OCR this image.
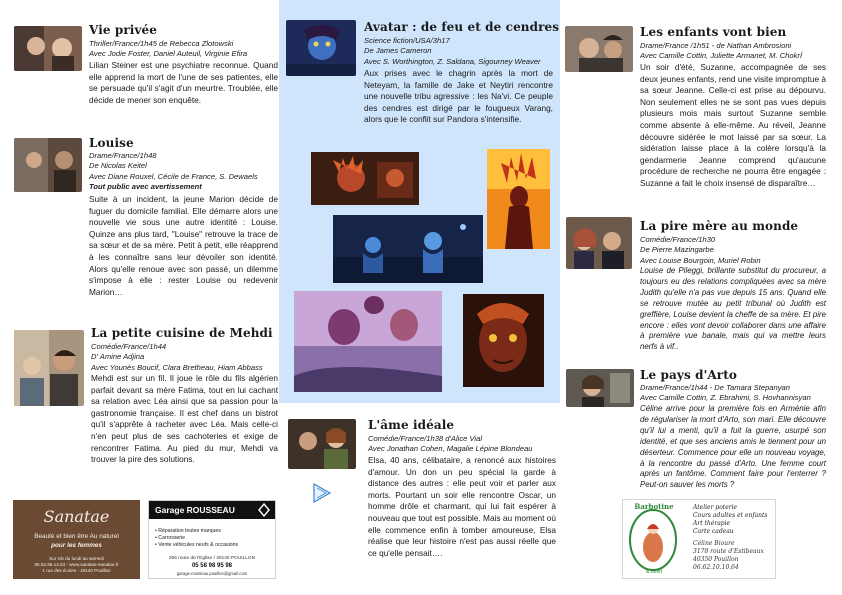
Vie privée
Thriller/France/1h45 de Rebecca Zlotowski
Avec Jodie Foster, Daniel Auteuil, Virginie Efira
Lilian Steiner est une psychiatre reconnue. Quand elle apprend la mort de l'une de ses patientes, elle se persuade qu'il s'agit d'un meurtre. Troublée, elle décide de mener son enquête.
Louise
Drame/France/1h48
De Nicolas Keitel
Avec Diane Rouxel, Cécile de France, S. Dewaels
Tout public avec avertissement
Suite à un incident, la jeune Marion décide de fuguer du domicile familial. Elle démarre alors une nouvelle vie sous une autre identité : Louise. Quinze ans plus tard, "Louise" retrouve la trace de sa sœur et de sa mère. Petit à petit, elle réapprend à les connaître sans leur dévoiler son identité. Alors qu'elle renoue avec son passé, un dilemme s'impose à elle : rester Louise ou redevenir Marion…
La petite cuisine de Mehdi
Comédie/France/1h44
D' Amine Adjina
Avec Younès Boucif, Clara Bretheau, Hiam Abbass
Mehdi est sur un fil. Il joue le rôle du fils algérien parfait devant sa mère Fatima, tout en lui cachant sa relation avec Léa ainsi que sa passion pour la gastronomie française. Il est chef dans un bistrot qu'il s'apprête à racheter avec Léa. Mais celle-ci n'en peut plus de ses cachoteries et exige de rencontrer Fatima. Au pied du mur, Mehdi va trouver la pire des solutions.
Avatar : de feu et de cendres
Science fiction/USA/3h17
De James Cameron
Avec S. Worthington, Z. Saldana, Sigourney Weaver
Aux prises avec le chagrin après la mort de Neteyam, la famille de Jake et Neytiri rencontre une nouvelle tribu agressive : les Na'vi. Ce peuple des cendres est dirigé par le fougueux Varang, alors que le conflit sur Pandora s'intensifie.
L'âme idéale
Comédie/France/1h38 d'Alice Vial
Avec Jonathan Cohen, Magalie Lépine Blondeau
Elsa, 40 ans, célibataire, a renoncé aux histoires d'amour. Un don un peu spécial la garde à distance des autres : elle peut voir et parler aux morts. Pourtant un soir elle rencontre Oscar, un homme drôle et charmant, qui lui fait espérer à nouveau que tout est possible. Mais au moment où elle commence enfin à tomber amoureuse, Elsa réalise que leur histoire n'est pas aussi réelle que ce qu'elle pensait….
Les enfants vont bien
Drame/France /1h51 - de Nathan Ambrosioni
Avec Camille Cottin, Juliette Armanet, M. ChokrÍ
Un soir d'été, Suzanne, accompagnée de ses deux jeunes enfants, rend une visite impromptue à sa sœur Jeanne. Celle-ci est prise au dépourvu. Non seulement elles ne se sont pas vues depuis plusieurs mois mais surtout Suzanne semble comme absente à elle-même. Au réveil, Jeanne découvre sidérée le mot laissé par sa sœur. La sidération laisse place à la colère lorsqu'à la gendarmerie Jeanne comprend qu'aucune procédure de recherche ne pourra être engagée : Suzanne a fait le choix insensé de disparaître…
La pire mère au monde
Comédie/France/1h30
De Pierre Mazingarbe
Avec Louise Bourgoin, Muriel Robin
Louise de Pileggi, brillante substitut du procureur, a toujours eu des relations compliquées avec sa mère Judith qu'elle n'a pas vue depuis 15 ans. Quand elle se retrouve mutée au petit tribunal où Judith est greffière, Louise devient la cheffe de sa mère. Et pire encore : elles vont devoir collaborer dans une affaire à première vue banale, mais qui va mettre leurs nerfs à vif..
Le pays d'Arto
Drame/France/1h44 - De Tamara Stepanyan
Avec Camille Cottin, Z. Ebrahimi, S. Hovhannisyan
Céline arrive pour la première fois en Arménie afin de régulariser la mort d'Arto, son mari. Elle découvre qu'il lui a menti, qu'il a fuit la guerre, usurpé son identité, et que ses anciens amis le tiennent pour un déserteur. Commence pour elle un nouveau voyage, à la rencontre du passé d'Arto. Une femme court après un fantôme. Comment faire pour l'enterrer ? Peut-on sauver les morts ?
Sanatae
Beauté et bien être Au naturel
pour les femmes
Sur rdv du lundi au samedi
05.53.96.13.34 - www.sanatae-sanatae.fr
1 rue des écoles - 40140 Pouillon
Garage ROUSSEAU
• Réparation toutes marques
• Carrosserie
• Vente véhicules neufs & occasions
256 route de l'Eglise / 40140 POUILLON
05 58 98 95 98
garage.rousseau.pouillon@gmail.com
Barbotine
& Belet
Atelier poterie
Cours adultes et enfants
Art thérapie
Carte cadeau
Céline Bioure
3178 route d'Estibeaux
40350 Pouillon
06.62.10.10.64
